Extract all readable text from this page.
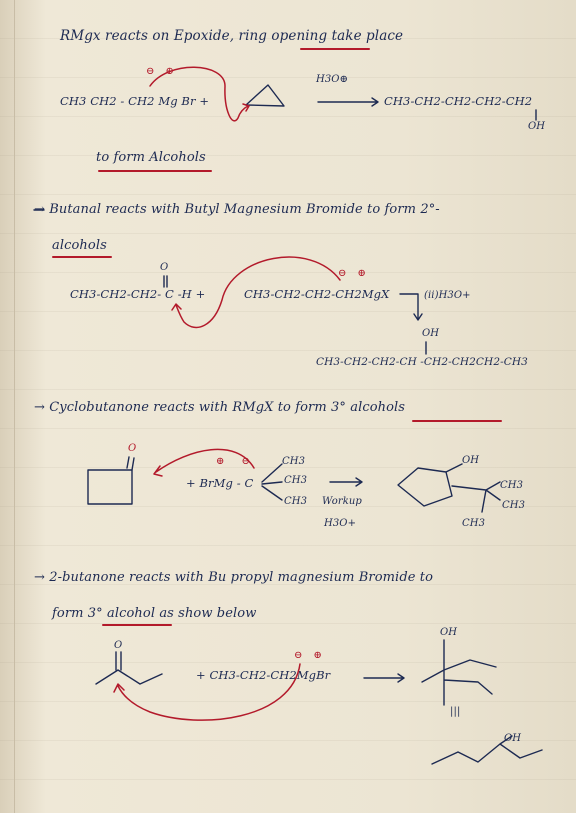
RMgx reacts on Epoxide, ring opening take place
⊖ ⊕
CH3 CH2 - CH2 Mg Br +
H3O⊕
CH3-CH2-CH2-CH2-CH2
OH
to form Alcohols
→ Butanal reacts with Butyl Magnesium Bromide to form 2°-
alcohols
O
⊖ ⊕
CH3-CH2-CH2- C -H +	CH3-CH2-CH2-CH2MgX	(ii)H3O+
OH
CH3-CH2-CH2-CH -CH2-CH2CH2-CH3
→ Cyclobutanone reacts with RMgX to form 3° alcohols
O
⊕ ⊖
+ BrMg - C
CH3
CH3
CH3 Workup
H3O+
OH
CH3
CH3
CH3
→ 2-butanone reacts with Bu propyl magnesium Bromide to
form 3° alcohol as show below
O
⊖ ⊕
+ CH3-CH2-CH2MgBr
OH
|||
OH
